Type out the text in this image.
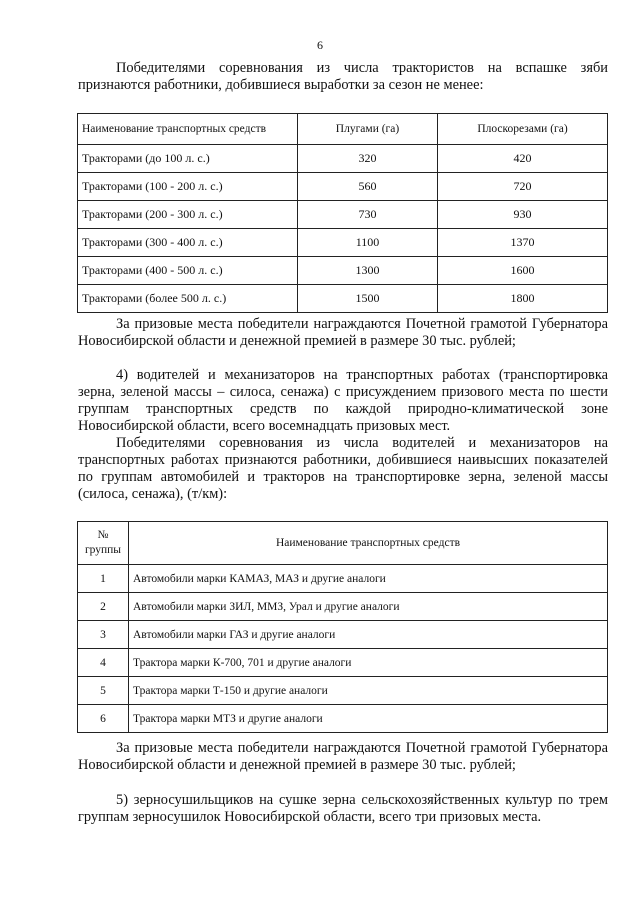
6

Победителями соревнования из числа трактористов на вспашке зяби признаются работники, добившиеся выработки за сезон не менее:

Наименование транспортных средств	Плугами (га)	Плоскорезами (га)
Тракторами (до 100 л. с.)	320	420
Тракторами (100 - 200 л. с.)	560	720
Тракторами (200 - 300 л. с.)	730	930
Тракторами (300 - 400 л. с.)	1100	1370
Тракторами (400 - 500 л. с.)	1300	1600
Тракторами (более 500 л. с.)	1500	1800

За призовые места победители награждаются Почетной грамотой Губернатора Новосибирской области и денежной премией в размере 30 тыс. рублей;

4) водителей и механизаторов на транспортных работах (транспортировка зерна, зеленой массы – силоса, сенажа) с присуждением призового места по шести группам транспортных средств по каждой природно-климатической зоне Новосибирской области, всего восемнадцать призовых мест.

Победителями соревнования из числа водителей и механизаторов на транспортных работах признаются работники, добившиеся наивысших показателей по группам автомобилей и тракторов на транспортировке зерна, зеленой массы (силоса, сенажа), (т/км):

№
группы	Наименование транспортных средств
1	Автомобили марки КАМАЗ, МАЗ и другие аналоги
2	Автомобили марки ЗИЛ, ММЗ, Урал и другие аналоги
3	Автомобили марки ГАЗ и другие аналоги
4	Трактора марки К-700, 701 и другие аналоги
5	Трактора марки Т-150 и другие аналоги
6	Трактора марки МТЗ и другие аналоги

За призовые места победители награждаются Почетной грамотой Губернатора Новосибирской области и денежной премией в размере 30 тыс. рублей;

5) зерносушильщиков на сушке зерна сельскохозяйственных культур по трем группам зерносушилок Новосибирской области, всего три призовых места.
